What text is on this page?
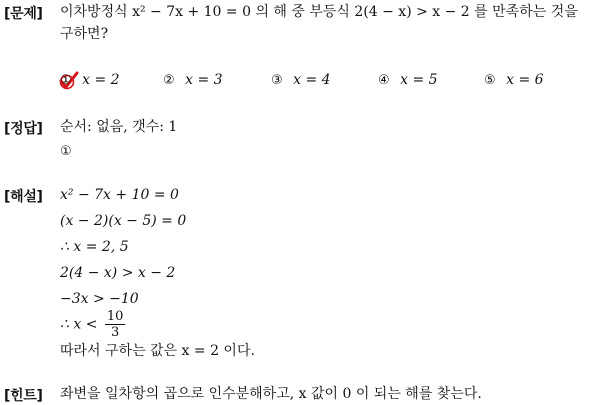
[문제] 이차방정식 x² − 7x + 10 = 0 의 해 중 부등식 2(4 − x) > x − 2 를 만족하는 것을
구하면?
① x = 2	② x = 3	③ x = 4	④ x = 5	⑤ x = 6
[정답] 순서: 없음, 갯수: 1
①
[해설] x² − 7x + 10 = 0
(x − 2)(x − 5) = 0
∴ x = 2, 5
2(4 − x) > x − 2
−3x > −10
∴ $x < \frac{10}{3}$
따라서 구하는 값은 x = 2 이다.
[힌트] 좌변을 일차항의 곱으로 인수분해하고, x 값이 0 이 되는 해를 찾는다.
